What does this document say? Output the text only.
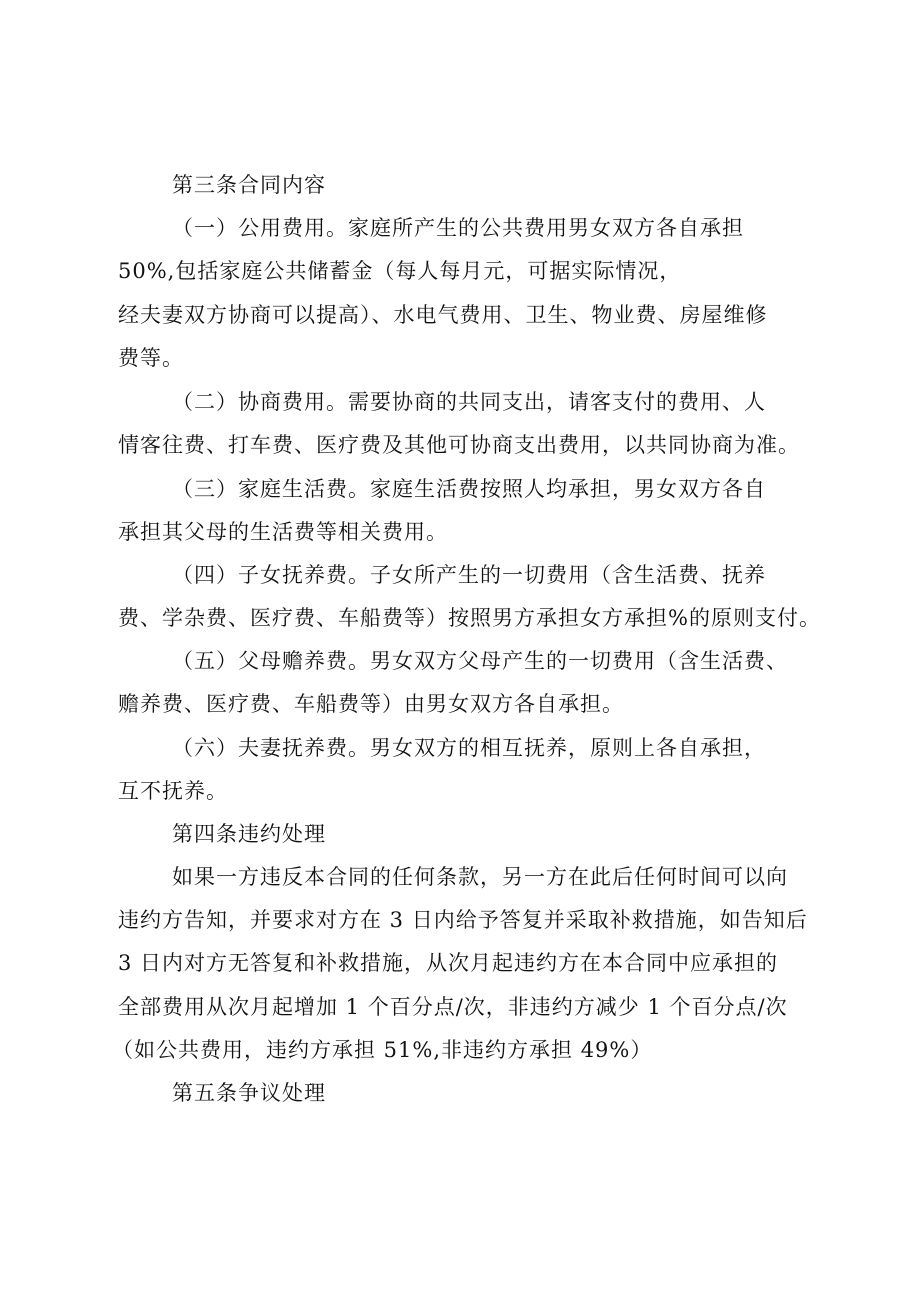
第三条合同内容
（一）公用费用。家庭所产生的公共费用男女双方各自承担
50%,包括家庭公共储蓄金（每人每月元，可据实际情况，
经夫妻双方协商可以提高）、水电气费用、卫生、物业费、房屋维修
费等。
（二）协商费用。需要协商的共同支出，请客支付的费用、人
情客往费、打车费、医疗费及其他可协商支出费用，以共同协商为准。
（三）家庭生活费。家庭生活费按照人均承担，男女双方各自
承担其父母的生活费等相关费用。
（四）子女抚养费。子女所产生的一切费用（含生活费、抚养
费、学杂费、医疗费、车船费等）按照男方承担女方承担%的原则支付。
（五）父母赡养费。男女双方父母产生的一切费用（含生活费、
赡养费、医疗费、车船费等）由男女双方各自承担。
（六）夫妻抚养费。男女双方的相互抚养，原则上各自承担，
互不抚养。
第四条违约处理
如果一方违反本合同的任何条款，另一方在此后任何时间可以向
违约方告知，并要求对方在 3 日内给予答复并采取补救措施，如告知后
3 日内对方无答复和补救措施，从次月起违约方在本合同中应承担的
全部费用从次月起增加 1 个百分点/次，非违约方减少 1 个百分点/次
（如公共费用，违约方承担 51%,非违约方承担 49%）
第五条争议处理
